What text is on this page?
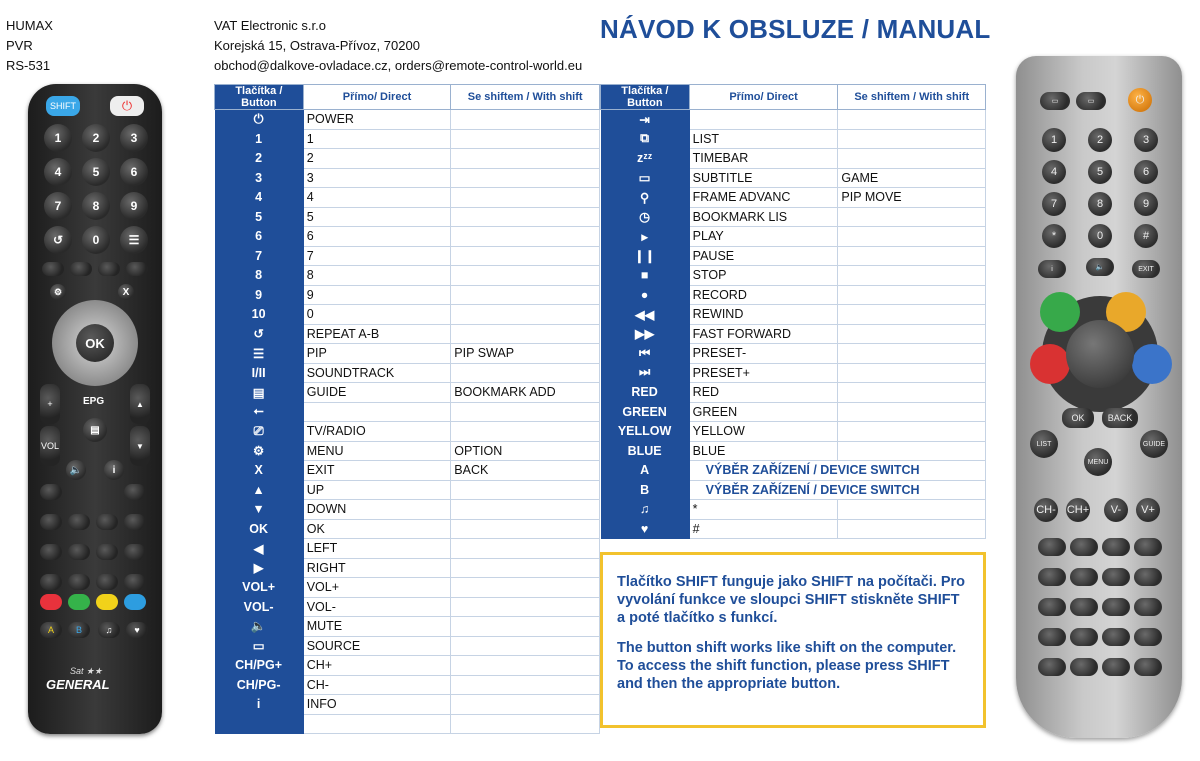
HUMAX
PVR
RS-531
VAT Electronic s.r.o
Korejská 15, Ostrava-Přívoz, 70200
obchod@dalkove-ovladace.cz, orders@remote-control-world.eu
NÁVOD K OBSLUZE / MANUAL
SHIFT	⏻
1	2	3
4	5	6
7	8	9
↺	0	☰
⚙	X
OK
+
VOL
EPG	▲
▼
▤
🔈	i
A	B	♫	♥
Sat ★★
GENERAL
Tlačítka / Button	Přímo/ Direct	Se shiftem / With shift
⏻	POWER	
1	1	
2	2	
3	3	
4	4	
5	5	
6	6	
7	7	
8	8	
9	9	
10	0	
↺	REPEAT A-B	
☰	PIP	PIP SWAP
I/II	SOUNDTRACK	
▤	GUIDE	BOOKMARK ADD
⭠		
⎚	TV/RADIO	
⚙	MENU	OPTION
X	EXIT	BACK
▲	UP	
▼	DOWN	
OK	OK	
◀	LEFT	
▶	RIGHT	
VOL+	VOL+	
VOL-	VOL-	
🔈	MUTE	
▭	SOURCE	
CH/PG+	CH+	
CH/PG-	CH-	
i	INFO	

Tlačítka / Button	Přímo/ Direct	Se shiftem / With shift
⇥		
⧉	LIST	
zᶻᶻ	TIMEBAR	
▭	SUBTITLE	GAME
⚲	FRAME ADVANC	PIP MOVE
◷	BOOKMARK LIS	
▸	PLAY	
❙❙	PAUSE	
■	STOP	
●	RECORD	
◀◀	REWIND	
▶▶	FAST FORWARD	
⏮	PRESET-	
⏭	PRESET+	
RED	RED	
GREEN	GREEN	
YELLOW	YELLOW	
BLUE	BLUE	
A	VÝBĚR ZAŘÍZENÍ / DEVICE SWITCH	
B	VÝBĚR ZAŘÍZENÍ / DEVICE SWITCH	
♫	*	
♥	#	

Tlačítko SHIFT funguje jako SHIFT na počítači. Pro vyvolání funkce ve sloupci SHIFT stiskněte SHIFT a poté tlačítko s funkcí.

The button shift works like shift on the computer. To access the shift function, please press SHIFT and then the appropriate button.

▭	▭	⏻
1	2	3
4	5	6
7	8	9
*	0	#
i	🔈	EXIT
OK	BACK
LIST	GUIDE
MENU
CH- CH+	V-	V+
